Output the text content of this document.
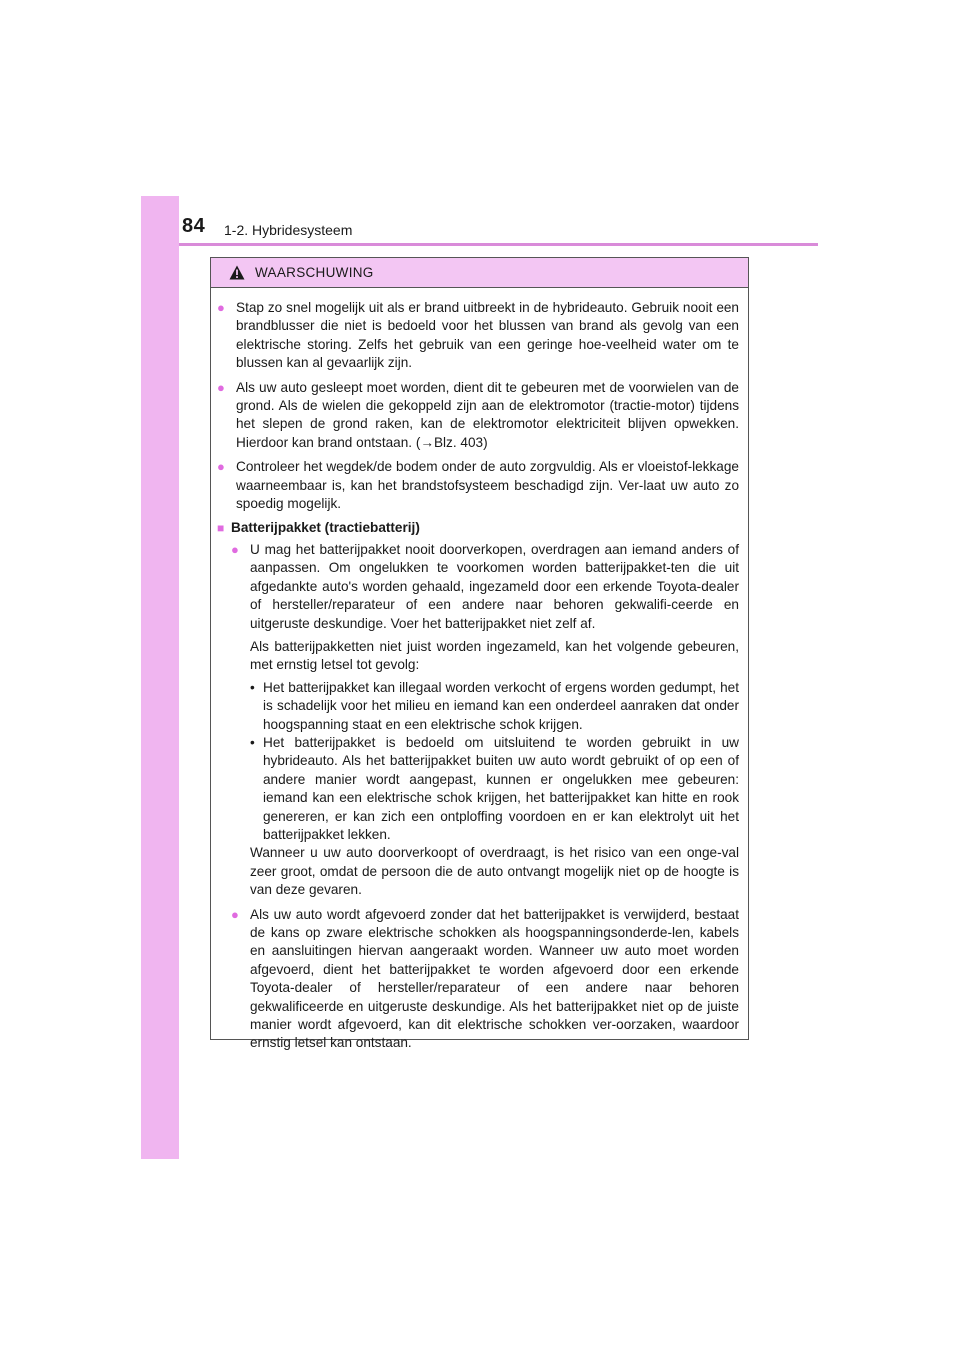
84 1-2. Hybridesysteem
WAARSCHUWING
● Stap zo snel mogelijk uit als er brand uitbreekt in de hybrideauto. Gebruik nooit een brandblusser die niet is bedoeld voor het blussen van brand als gevolg van een elektrische storing. Zelfs het gebruik van een geringe hoe-veelheid water om te blussen kan al gevaarlijk zijn.
● Als uw auto gesleept moet worden, dient dit te gebeuren met de voorwielen van de grond. Als de wielen die gekoppeld zijn aan de elektromotor (tractie-motor) tijdens het slepen de grond raken, kan de elektromotor elektriciteit blijven opwekken. Hierdoor kan brand ontstaan. (→Blz. 403)
● Controleer het wegdek/de bodem onder de auto zorgvuldig. Als er vloeistof-lekkage waarneembaar is, kan het brandstofsysteem beschadigd zijn. Ver-laat uw auto zo spoedig mogelijk.
■ Batterijpakket (tractiebatterij)
● U mag het batterijpakket nooit doorverkopen, overdragen aan iemand anders of aanpassen. Om ongelukken te voorkomen worden batterijpakket-ten die uit afgedankte auto's worden gehaald, ingezameld door een erkende Toyota-dealer of hersteller/reparateur of een andere naar behoren gekwalifi-ceerde en uitgeruste deskundige. Voer het batterijpakket niet zelf af.
Als batterijpakketten niet juist worden ingezameld, kan het volgende gebeuren, met ernstig letsel tot gevolg:
• Het batterijpakket kan illegaal worden verkocht of ergens worden gedumpt, het is schadelijk voor het milieu en iemand kan een onderdeel aanraken dat onder hoogspanning staat en een elektrische schok krijgen.
• Het batterijpakket is bedoeld om uitsluitend te worden gebruikt in uw hybrideauto. Als het batterijpakket buiten uw auto wordt gebruikt of op een of andere manier wordt aangepast, kunnen er ongelukken mee gebeuren: iemand kan een elektrische schok krijgen, het batterijpakket kan hitte en rook genereren, er kan zich een ontploffing voordoen en er kan elektrolyt uit het batterijpakket lekken.
Wanneer u uw auto doorverkoopt of overdraagt, is het risico van een onge-val zeer groot, omdat de persoon die de auto ontvangt mogelijk niet op de hoogte is van deze gevaren.
● Als uw auto wordt afgevoerd zonder dat het batterijpakket is verwijderd, bestaat de kans op zware elektrische schokken als hoogspanningsonderde-len, kabels en aansluitingen hiervan aangeraakt worden. Wanneer uw auto moet worden afgevoerd, dient het batterijpakket te worden afgevoerd door een erkende Toyota-dealer of hersteller/reparateur of een andere naar behoren gekwalificeerde en uitgeruste deskundige. Als het batterijpakket niet op de juiste manier wordt afgevoerd, kan dit elektrische schokken ver-oorzaken, waardoor ernstig letsel kan ontstaan.
